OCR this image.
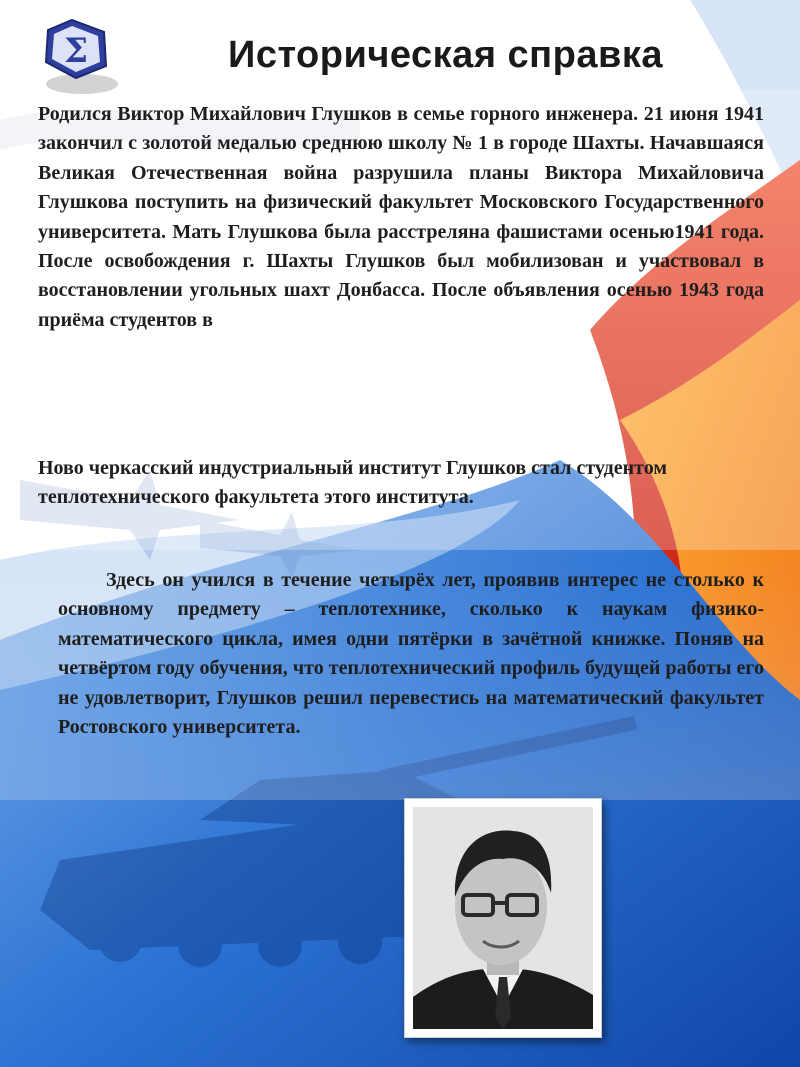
Σ	Историческая справка

Родился Виктор Михайлович Глушков в семье горного инженера. 21 июня 1941 закончил с золотой медалью среднюю школу № 1 в городе Шахты. Начавшаяся Великая Отечественная война разрушила планы Виктора Михайловича Глушкова поступить на физический факультет Московского Государственного университета. Мать Глушкова была расстреляна фашистами осенью1941 года. После освобождения г. Шахты Глушков был мобилизован и участвовал в восстановлении угольных шахт Донбасса. После объявления осенью 1943 года приёма студентов в

Ново черкасский индустриальный институт Глушков стал студентом теплотехнического факультета этого института.

Здесь он учился в течение четырёх лет, проявив интерес не столько к основному предмету – теплотехнике, сколько к наукам физико-математического цикла, имея одни пятёрки в зачётной книжке. Поняв на четвёртом году обучения, что теплотехнический профиль будущей работы его не удовлетворит, Глушков решил перевестись на математический факультет Ростовского университета.
